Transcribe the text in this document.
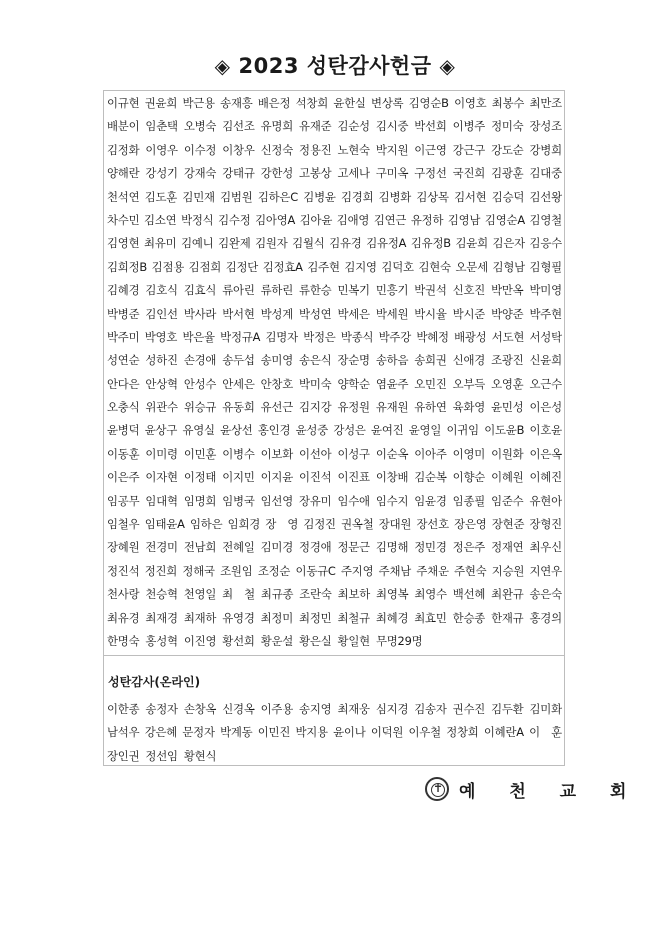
◈ 2023 성탄감사헌금 ◈
이규현 권윤희 박근용 송재흥 배은정 석창희 윤한실 변상록 김영순B 이영호 최봉수 최만조
배분이 임춘택 오병숙 김선조 유명희 유재준 김순성 김시중 박선희 이병주 정미숙 장성조
김정화 이영우 이수정 이창우 신정숙 정용진 노현숙 박지원 이근영 강근구 강도순 강병희
양해란 강성기 강재숙 강태규 강한성 고봉상 고세나 구미옥 구정선 국진희 김광훈 김대중
천석연 김도훈 김민재 김범원 김하은C 김병윤 김경희 김병화 김상목 김서현 김승덕 김선왕
차수민 김소연 박정식 김수정 김아영A 김아윤 김애영 김연근 유정하 김영남 김영순A 김영철
김영현 최유미 김예니 김완제 김원자 김월식 김유경 김유정A 김유정B 김윤희 김은자 김응수
김희정B 김점용 김점희 김정단 김정효A 김주현 김지영 김덕호 김현숙 오문세 김형남 김형필
김혜경 김호식 김효식 류아린 류하린 류한승 민복기 민흥기 박권석 신호진 박만옥 박미영
박병준 김인선 박사라 박서현 박성계 박성연 박세은 박세원 박시율 박시준 박양준 박주현
박주미 박영호 박은율 박정규A 김명자 박정은 박종식 박주강 박혜정 배광성 서도현 서성탁
성연순 성하진 손경애 송두섭 송미영 송은식 장순명 송하음 송희권 신애경 조광진 신윤희
안다은 안상혁 안성수 안세은 안창호 박미숙 양학순 염윤주 오민진 오부득 오영훈 오근수
오충식 위관수 위승규 유동희 유선근 김지강 유정원 유재원 유하연 육화영 윤민성 이은성
윤병덕 윤상구 유영실 윤상선 홍인경 윤성중 강성은 윤여진 윤영일 이귀임 이도윤B 이호윤
이동훈 이미령 이민훈 이병수 이보화 이선아 이성구 이순옥 이아주 이영미 이원화 이은옥
이은주 이자현 이정태 이지민 이지윤 이진석 이진표 이창배 김순복 이향순 이혜원 이혜진
임공무 임대혁 임명희 임병국 임선영 장유미 임수애 임수지 임윤경 임종필 임준수 유현아
임철우 임태윤A 임하은 임희경 장　영 김정진 권옥철 장대원 장선호 장은영 장현준 장형진
장혜원 전경미 전남희 전혜일 김미경 정경애 정문근 김명해 정민경 정은주 정재연 최우신
정진석 정진희 정해국 조원임 조정순 이동규C 주지영 주채남 주채운 주현숙 지승원 지연우
천사랑 천승혁 천영일 최　철 최규종 조란숙 최보하 최영복 최영수 백선혜 최완규 송은숙
최유경 최재경 최재하 유영경 최정미 최정민 최철규 최혜경 최효민 한승종 한재규 홍경의
한명숙 홍성혁 이진영 황선희 황운설 황은실 황일현 무명29명
성탄감사(온라인)
이한종 송정자 손창옥 신경옥 이주용 송지영 최재웅 심지경 김송자 권수진 김두환 김미화
남석우 강은혜 문정자 박계동 이민진 박지용 윤이나 이덕원 이우철 정창희 이혜란A 이　훈
장인권 정선임 황현식
✝
예 천 교 회
